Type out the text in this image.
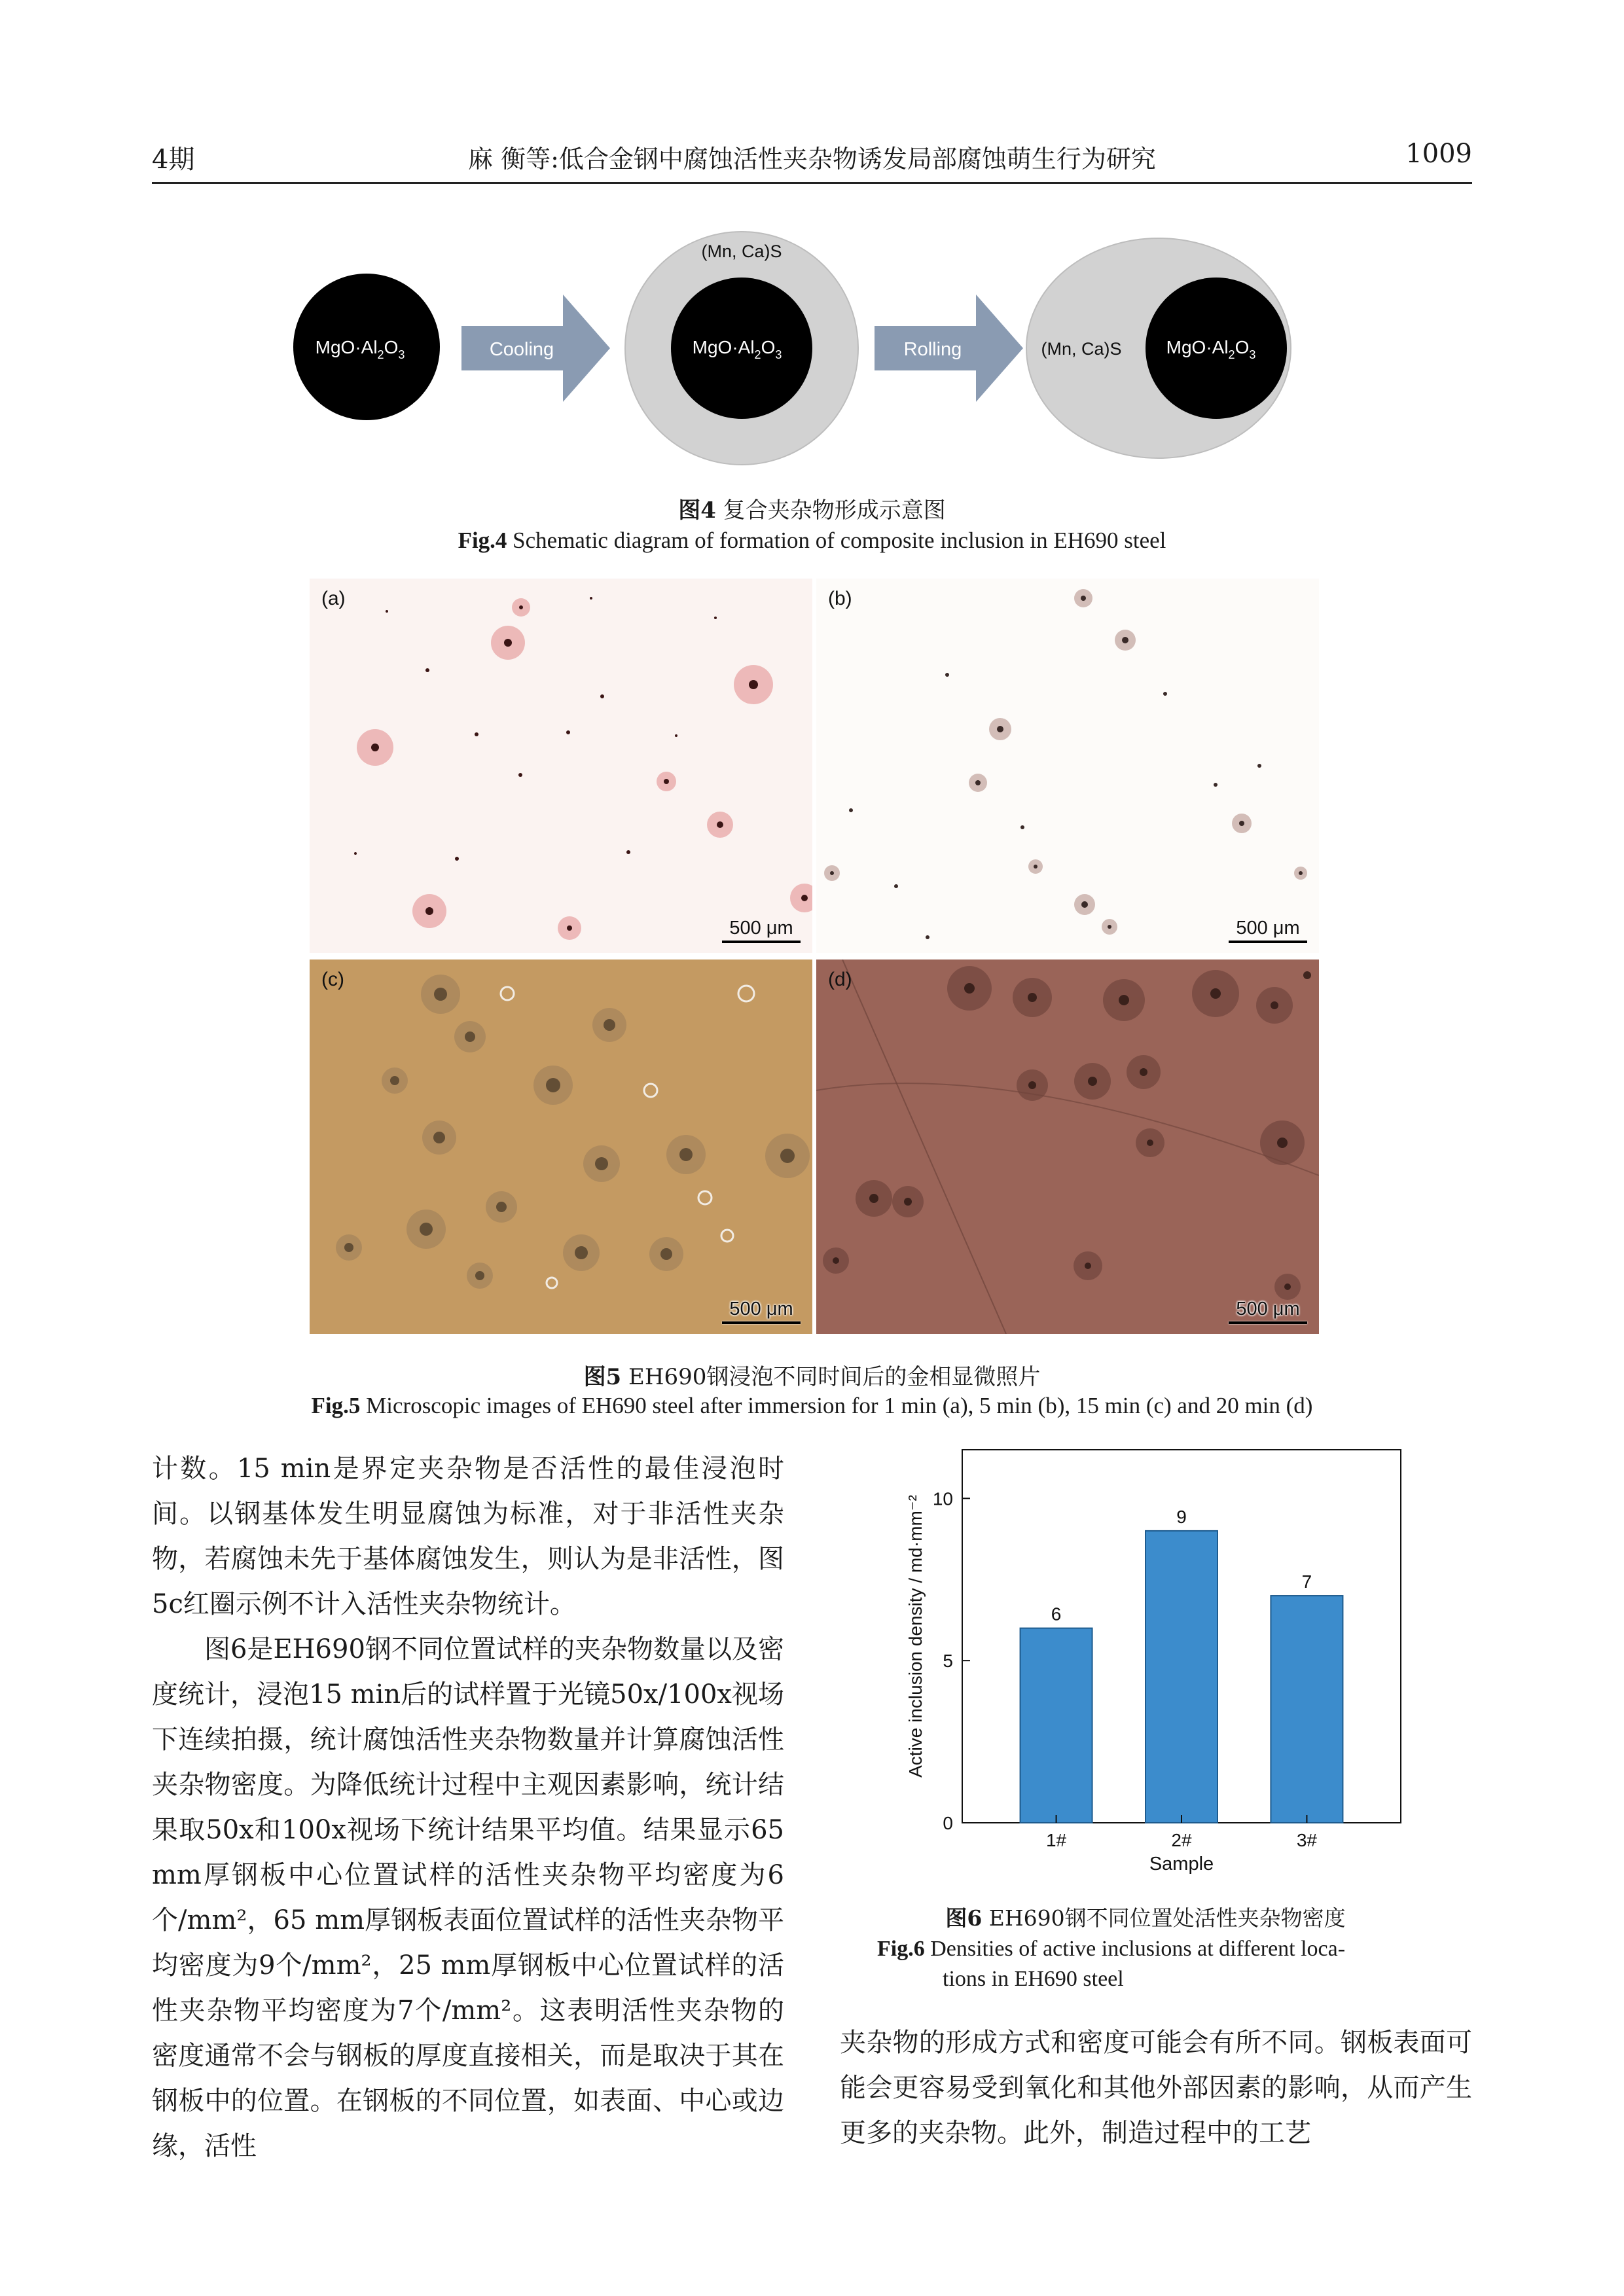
4期	麻 衡等:低合金钢中腐蚀活性夹杂物诱发局部腐蚀萌生行为研究	1009
$MgO\cdot Al_2O_3$	Cooling
(Mn, Ca)S
$MgO\cdot Al_2O_3$	Rolling	(Mn, Ca)S $MgO\cdot Al_2O_3$
图4 复合夹杂物形成示意图
Fig.4 Schematic diagram of formation of composite inclusion in EH690 steel
(a)
500 μm
(b)
500 μm
(c)
500 μm
(d)
500 μm
图5 EH690钢浸泡不同时间后的金相显微照片
Fig.5 Microscopic images of EH690 steel after immersion for 1 min (a), 5 min (b), 15 min (c) and 20 min (d)

计数。15 min是界定夹杂物是否活性的最佳浸泡时间。以钢基体发生明显腐蚀为标准，对于非活性夹杂物，若腐蚀未先于基体腐蚀发生，则认为是非活性，图5c红圈示例不计入活性夹杂物统计。

图6是EH690钢不同位置试样的夹杂物数量以及密度统计，浸泡15 min后的试样置于光镜50x/100x视场下连续拍摄，统计腐蚀活性夹杂物数量并计算腐蚀活性夹杂物密度。为降低统计过程中主观因素影响，统计结果取50x和100x视场下统计结果平均值。结果显示65 mm厚钢板中心位置试样的活性夹杂物平均密度为6个/mm²，65 mm厚钢板表面位置试样的活性夹杂物平均密度为9个/mm²，25 mm厚钢板中心位置试样的活性夹杂物平均密度为7个/mm²。这表明活性夹杂物的密度通常不会与钢板的厚度直接相关，而是取决于其在钢板中的位置。在钢板的不同位置，如表面、中心或边缘，活性

0
5
10
6
9
7
1#	2#	3#
Sample
Active inclusion density / md·mm⁻²
图6 EH690钢不同位置处活性夹杂物密度
Fig.6 Densities of active inclusions at different loca-
tions in EH690 steel

夹杂物的形成方式和密度可能会有所不同。钢板表面可能会更容易受到氧化和其他外部因素的影响，从而产生更多的夹杂物。此外，制造过程中的工艺
